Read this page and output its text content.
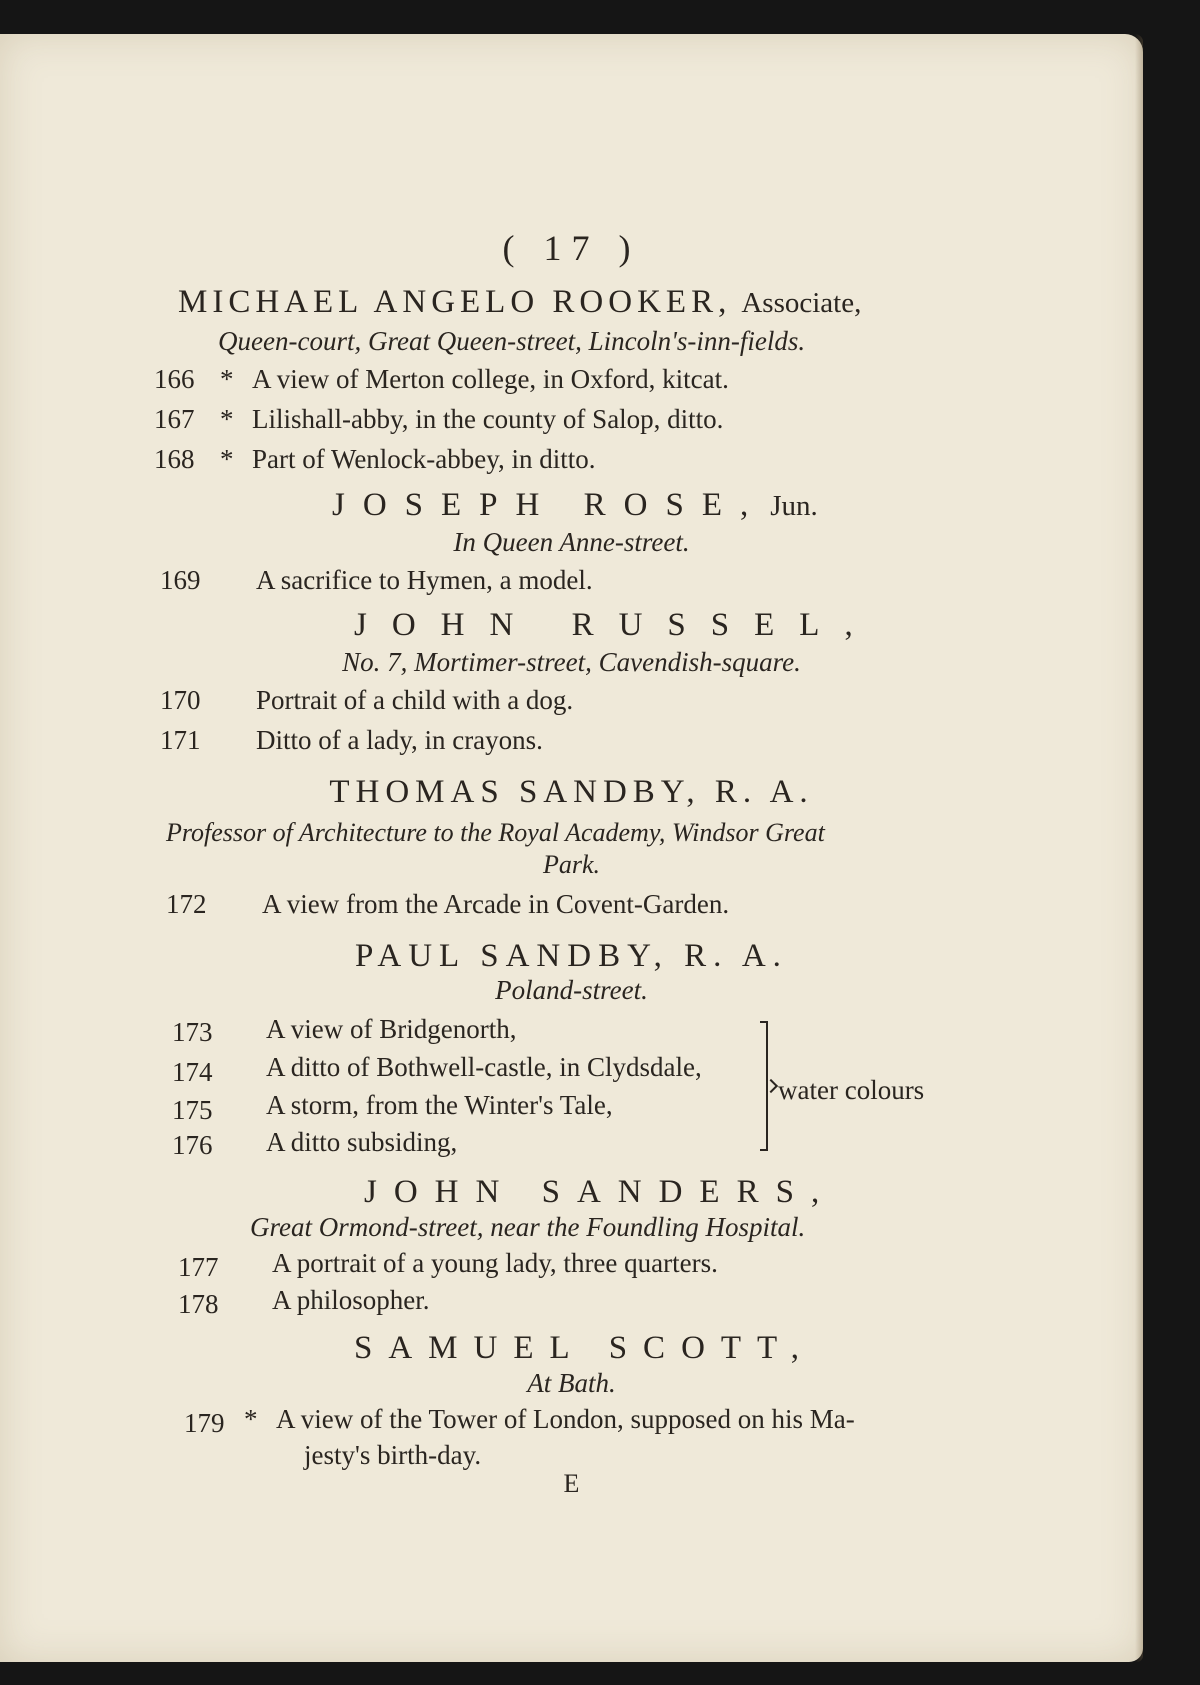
( 17 )
MICHAEL ANGELO ROOKER, Associate,
Queen-court, Great Queen-street, Lincoln's-inn-fields.
166 * A view of Merton college, in Oxford, kitcat.
167 * Lilishall-abby, in the county of Salop, ditto.
168 * Part of Wenlock-abbey, in ditto.
JOSEPH ROSE, Jun.
In Queen Anne-street.
169 A sacrifice to Hymen, a model.
JOHN RUSSEL,
No. 7, Mortimer-street, Cavendish-square.
170 Portrait of a child with a dog.
171 Ditto of a lady, in crayons.
THOMAS SANDBY, R. A.
Professor of Architecture to the Royal Academy, Windsor Great
Park.
172 A view from the Arcade in Covent-Garden.
PAUL SANDBY, R. A.
Poland-street.
173 A view of Bridgenorth,
174 A ditto of Bothwell-castle, in Clydsdale,
175 A storm, from the Winter's Tale,
176 A ditto subsiding,
water colours
JOHN SANDERS,
Great Ormond-street, near the Foundling Hospital.
177 A portrait of a young lady, three quarters.
178 A philosopher.
SAMUEL SCOTT,
At Bath.
179 * A view of the Tower of London, supposed on his Ma-
jesty's birth-day.
E
